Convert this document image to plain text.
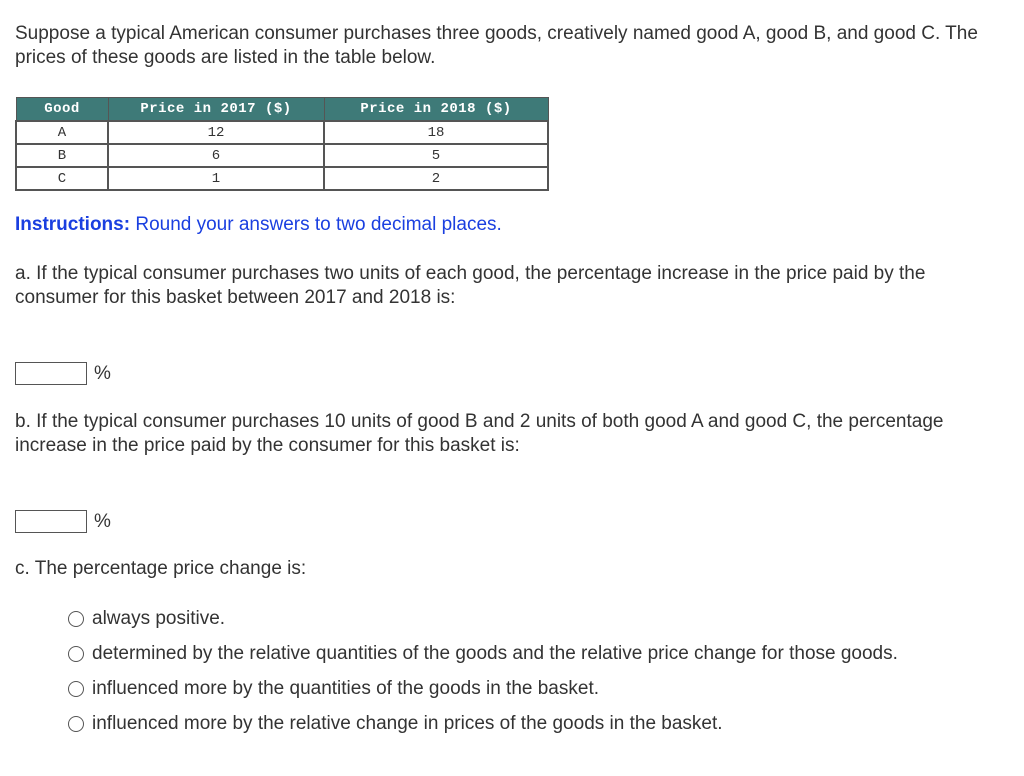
Suppose a typical American consumer purchases three goods, creatively named good A, good B, and good C. The prices of these goods are listed in the table below.

Good	Price in 2017 ($)	Price in 2018 ($)
A	12	18
B	6	5
C	1	2

Instructions: Round your answers to two decimal places.

a. If the typical consumer purchases two units of each good, the percentage increase in the price paid by the consumer for this basket between 2017 and 2018 is:

%

b. If the typical consumer purchases 10 units of good B and 2 units of both good A and good C, the percentage increase in the price paid by the consumer for this basket is:

%

c. The percentage price change is:

always positive.
determined by the relative quantities of the goods and the relative price change for those goods.
influenced more by the quantities of the goods in the basket.
influenced more by the relative change in prices of the goods in the basket.
